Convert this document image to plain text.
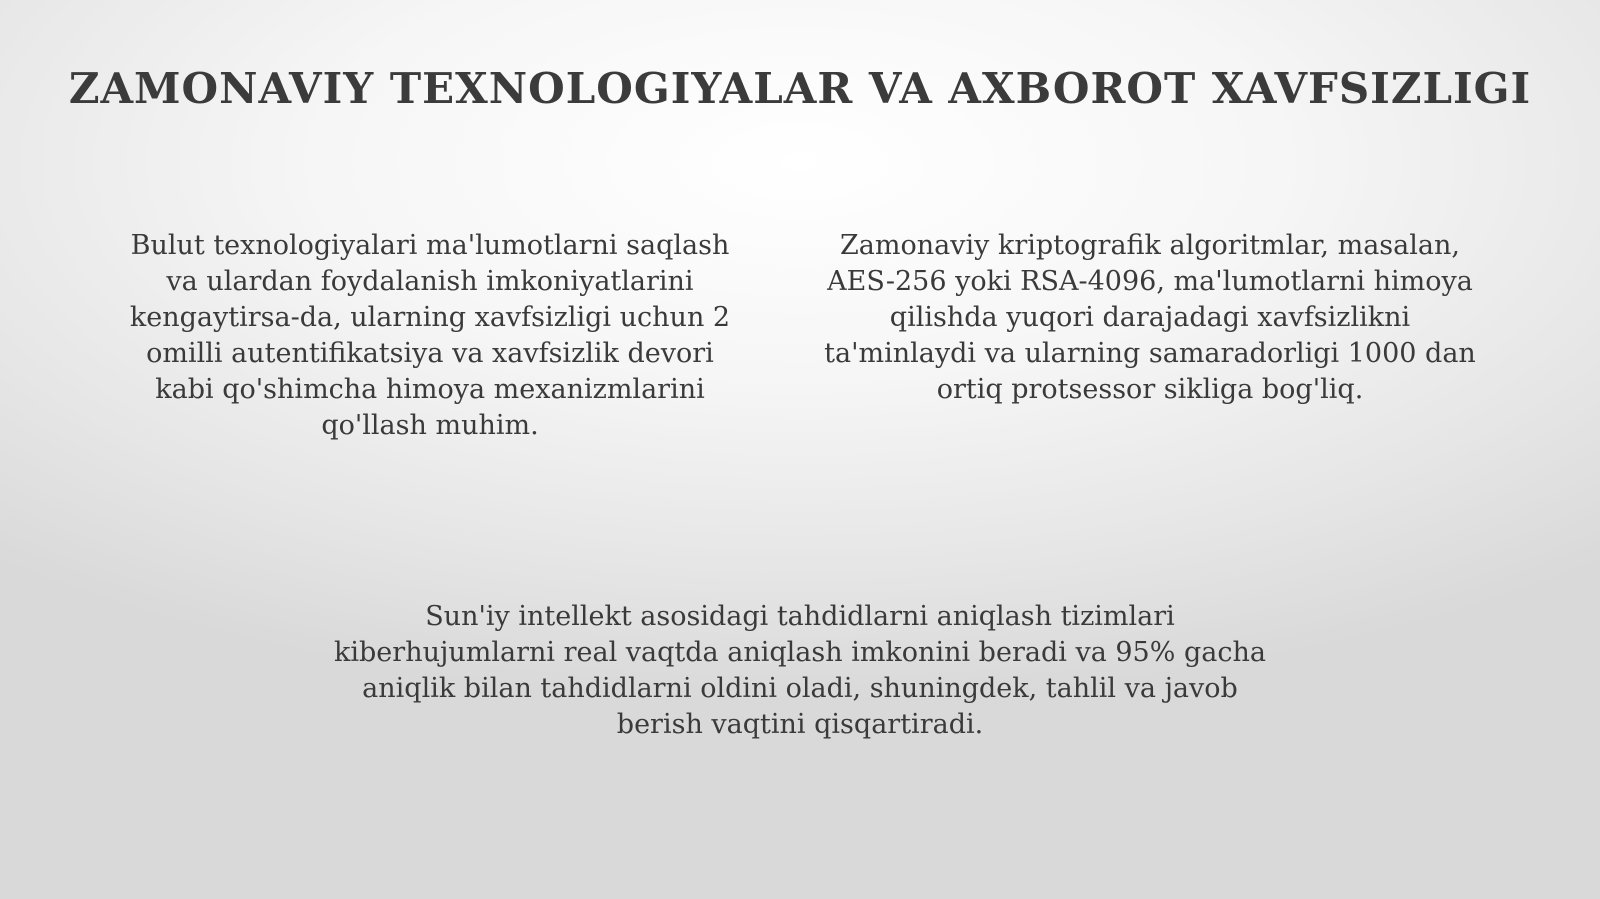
ZAMONAVIY TEXNOLOGIYALAR VA AXBOROT XAVFSIZLIGI
Bulut texnologiyalari ma'lumotlarni saqlash
va ulardan foydalanish imkoniyatlarini
kengaytirsa-da, ularning xavfsizligi uchun 2
omilli autentifikatsiya va xavfsizlik devori
kabi qo'shimcha himoya mexanizmlarini
qo'llash muhim.
Zamonaviy kriptografik algoritmlar, masalan,
AES-256 yoki RSA-4096, ma'lumotlarni himoya
qilishda yuqori darajadagi xavfsizlikni
ta'minlaydi va ularning samaradorligi 1000 dan
ortiq protsessor sikliga bog'liq.
Sun'iy intellekt asosidagi tahdidlarni aniqlash tizimlari
kiberhujumlarni real vaqtda aniqlash imkonini beradi va 95% gacha
aniqlik bilan tahdidlarni oldini oladi, shuningdek, tahlil va javob
berish vaqtini qisqartiradi.
